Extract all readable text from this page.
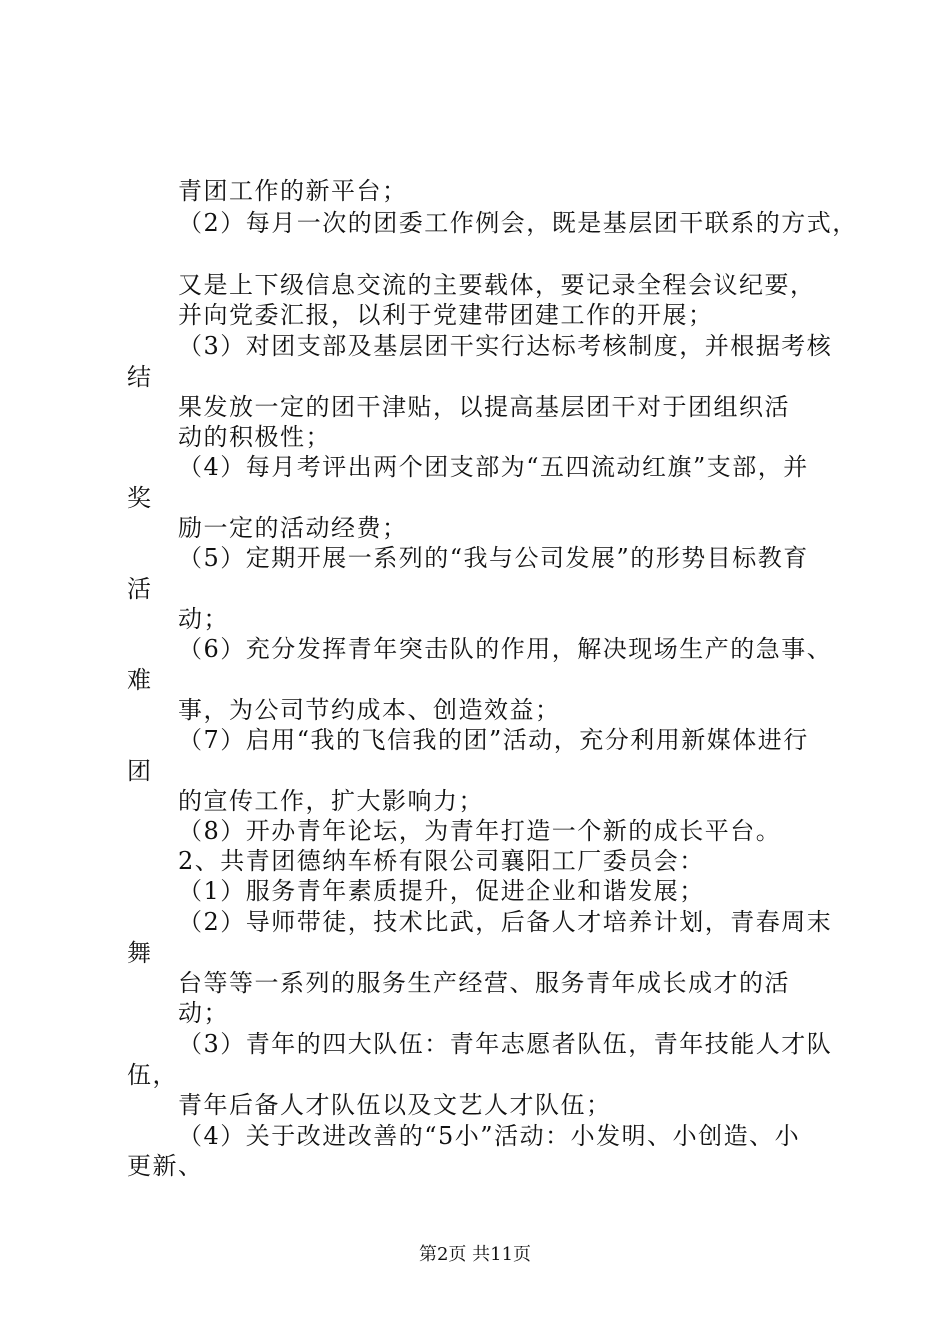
青团工作的新平台；
（2）每月一次的团委工作例会，既是基层团干联系的方式，
又是上下级信息交流的主要载体，要记录全程会议纪要，
并向党委汇报，以利于党建带团建工作的开展；
（3）对团支部及基层团干实行达标考核制度，并根据考核
结
果发放一定的团干津贴，以提高基层团干对于团组织活
动的积极性；
（4）每月考评出两个团支部为“五四流动红旗”支部，并
奖
励一定的活动经费；
（5）定期开展一系列的“我与公司发展”的形势目标教育
活
动；
（6）充分发挥青年突击队的作用，解决现场生产的急事、
难
事，为公司节约成本、创造效益；
（7）启用“我的飞信我的团”活动，充分利用新媒体进行
团
的宣传工作，扩大影响力；
（8）开办青年论坛，为青年打造一个新的成长平台。
2、共青团德纳车桥有限公司襄阳工厂委员会：
（1）服务青年素质提升，促进企业和谐发展；
（2）导师带徒，技术比武，后备人才培养计划，青春周末
舞
台等等一系列的服务生产经营、服务青年成长成才的活
动；
（3）青年的四大队伍：青年志愿者队伍，青年技能人才队
伍，
青年后备人才队伍以及文艺人才队伍；
（4）关于改进改善的“5小”活动：小发明、小创造、小
更新、
第2页 共11页
